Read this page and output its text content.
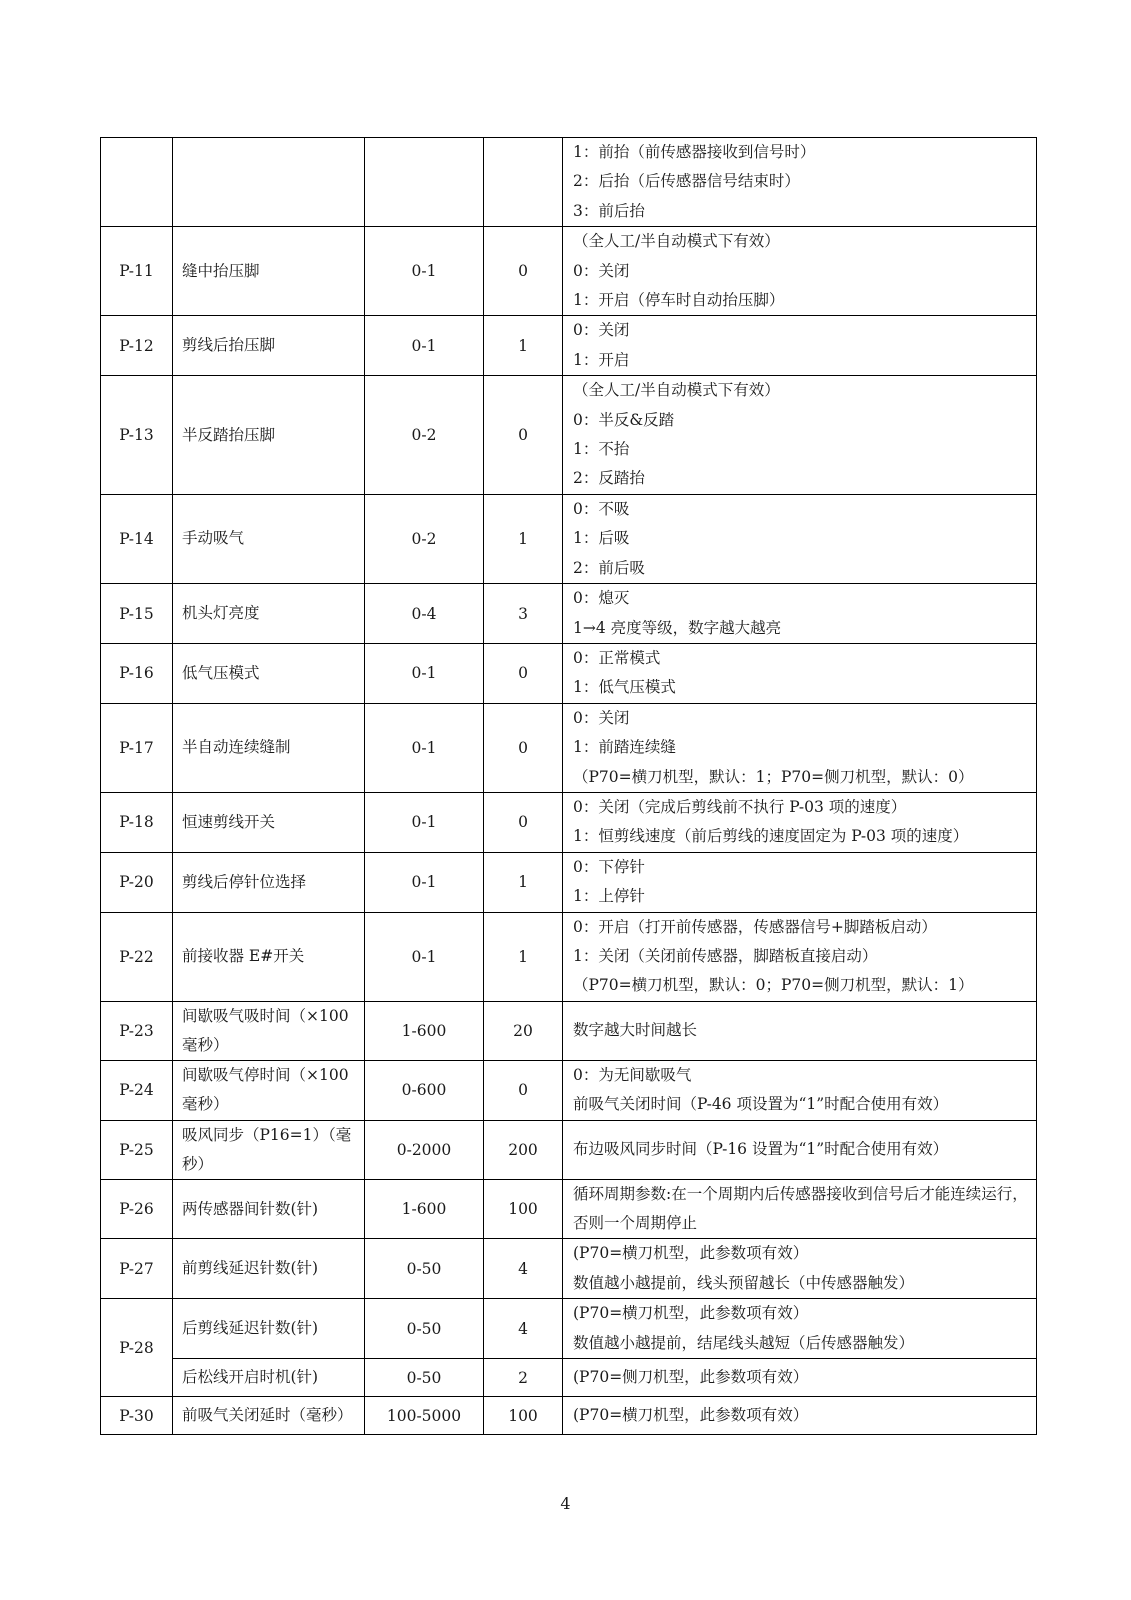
				1：前抬（前传感器接收到信号时）
2：后抬（后传感器信号结束时）
3：前后抬

P-11	缝中抬压脚	0-1	0	（全人工/半自动模式下有效）
0：关闭
1：开启（停车时自动抬压脚）

P-12	剪线后抬压脚	0-1	1	0：关闭
1：开启

P-13	半反踏抬压脚	0-2	0	（全人工/半自动模式下有效）
0：半反&反踏
1：不抬
2：反踏抬

P-14	手动吸气	0-2	1	0：不吸
1：后吸
2：前后吸

P-15	机头灯亮度	0-4	3	0：熄灭
1→4 亮度等级，数字越大越亮

P-16	低气压模式	0-1	0	0：正常模式
1：低气压模式

P-17	半自动连续缝制	0-1	0	0：关闭
1：前踏连续缝
（P70=横刀机型，默认：1；P70=侧刀机型，默认：0）

P-18	恒速剪线开关	0-1	0	0：关闭（完成后剪线前不执行 P-03 项的速度）
1：恒剪线速度（前后剪线的速度固定为 P-03 项的速度）

P-20	剪线后停针位选择	0-1	1	0：下停针
1：上停针

P-22	前接收器 E#开关	0-1	1	0：开启（打开前传感器，传感器信号+脚踏板启动）
1：关闭（关闭前传感器，脚踏板直接启动）
（P70=横刀机型，默认：0；P70=侧刀机型，默认：1）

P-23	间歇吸气吸时间（×100 毫秒）	1-600	20	数字越大时间越长

P-24	间歇吸气停时间（×100 毫秒）	0-600	0	0：为无间歇吸气
前吸气关闭时间（P-46 项设置为“1”时配合使用有效）

P-25	吸风同步（P16=1）（毫秒）	0-2000	200	布边吸风同步时间（P-16 设置为“1”时配合使用有效）

P-26	两传感器间针数(针)	1-600	100	循环周期参数:在一个周期内后传感器接收到信号后才能连续运行，否则一个周期停止

P-27	前剪线延迟针数(针)	0-50	4	(P70=横刀机型，此参数项有效）
数值越小越提前，线头预留越长（中传感器触发）

P-28	后剪线延迟针数(针)	0-50	4	(P70=横刀机型，此参数项有效）
数值越小越提前，结尾线头越短（后传感器触发）

	后松线开启时机(针)	0-50	2	(P70=侧刀机型，此参数项有效）

P-30	前吸气关闭延时（毫秒）	100-5000	100	(P70=横刀机型，此参数项有效）
4
